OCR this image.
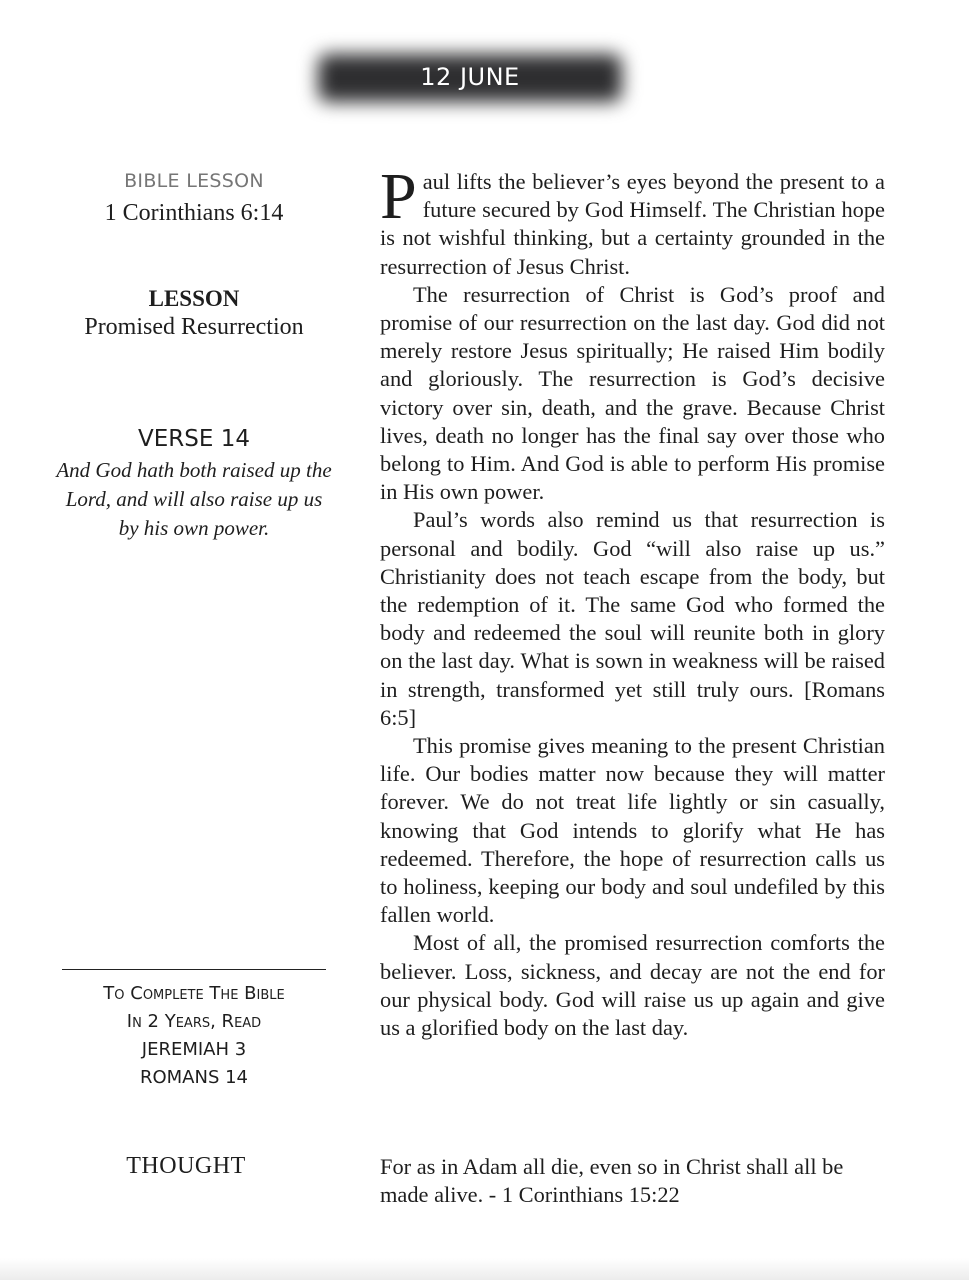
12 JUNE
BIBLE LESSON
1 Corinthians 6:14
LESSON
Promised Resurrection
VERSE 14
And God hath both raised up the Lord, and will also raise up us by his own power.
To Complete The Bible
In 2 Years, Read
JEREMIAH 3
ROMANS 14
THOUGHT

Paul lifts the believer’s eyes beyond the present to a future secured by God Himself. The Christian hope is not wishful thinking, but a certainty grounded in the resurrection of Jesus Christ.

The resurrection of Christ is God’s proof and promise of our resurrection on the last day. God did not merely restore Jesus spiritually; He raised Him bodily and gloriously. The resurrection is God’s decisive victory over sin, death, and the grave. Because Christ lives, death no longer has the final say over those who belong to Him. And God is able to perform His promise in His own power.

Paul’s words also remind us that resurrection is personal and bodily. God “will also raise up us.” Christianity does not teach escape from the body, but the redemption of it. The same God who formed the body and redeemed the soul will reunite both in glory on the last day. What is sown in weakness will be raised in strength, transformed yet still truly ours. [Romans 6:5]

This promise gives meaning to the present Christian life. Our bodies matter now because they will matter forever. We do not treat life lightly or sin casually, knowing that God intends to glorify what He has redeemed. Therefore, the hope of resurrection calls us to holiness, keeping our body and soul undefiled by this fallen world.

Most of all, the promised resurrection comforts the believer. Loss, sickness, and decay are not the end for our physical body. God will raise us up again and give us a glorified body on the last day.

For as in Adam all die, even so in Christ shall all be made alive. - 1 Corinthians 15:22
